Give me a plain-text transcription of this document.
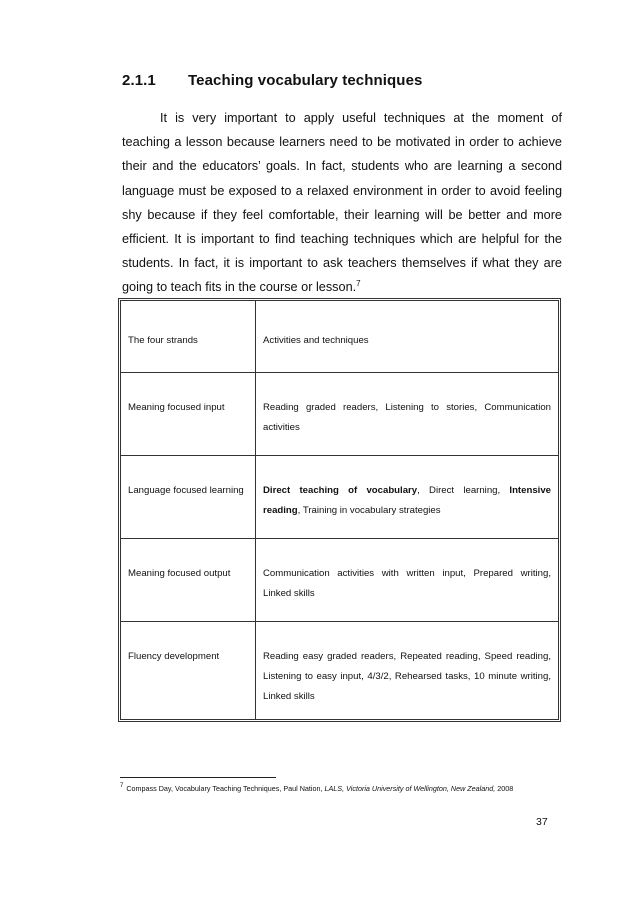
2.1.1 Teaching vocabulary techniques

It is very important to apply useful techniques at the moment of teaching a lesson because learners need to be motivated in order to achieve their and the educators’ goals. In fact, students who are learning a second language must be exposed to a relaxed environment in order to avoid feeling shy because if they feel comfortable, their learning will be better and more efficient. It is important to find teaching techniques which are helpful for the students. In fact, it is important to ask teachers themselves if what they are going to teach fits in the course or lesson.$^7$

The four strands	Activities and techniques

Meaning focused input	Reading graded readers, Listening to stories, Communication activities

Language focused learning	Direct teaching of vocabulary, Direct learning, Intensive reading, Training in vocabulary strategies

Meaning focused output	Communication activities with written input, Prepared writing, Linked skills

Fluency development	Reading easy graded readers, Repeated reading, Speed reading, Listening to easy input, 4/3/2, Rehearsed tasks, 10 minute writing, Linked skills
$^7$ Compass Day, Vocabulary Teaching Techniques, Paul Nation, LALS, Victoria University of Wellington, New Zealand, 2008
37
